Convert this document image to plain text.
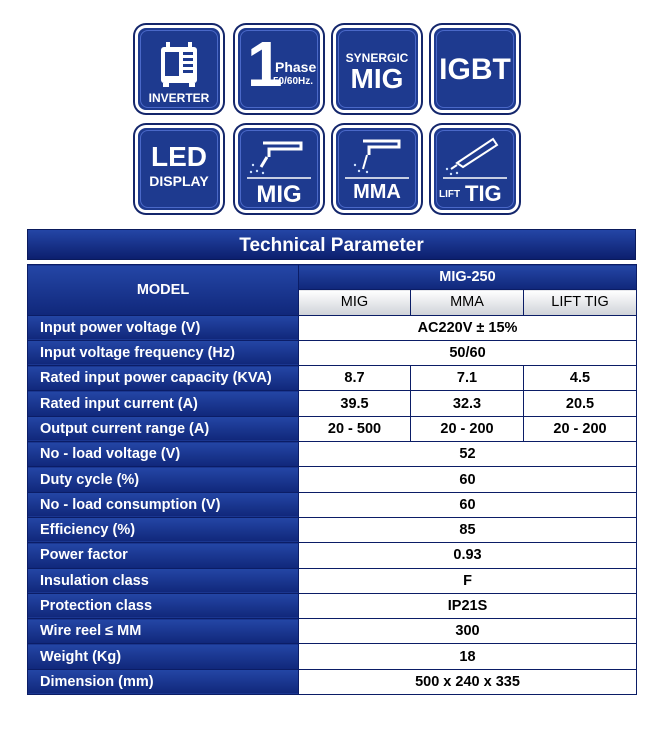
INVERTER 1
Phase
50/60Hz.
SYNERGIC
MIG	IGBT
LED
DISPLAY	MIG	MMA	LIFT TIG
Technical Parameter
MODEL	MIG-250		
	MIG	MMA	LIFT TIG
Input power voltage (V)	AC220V ± 15%		
Input voltage frequency (Hz)	50/60		
Rated input power capacity (KVA)	8.7	7.1	4.5
Rated input current (A)	39.5	32.3	20.5
Output current range (A)	20 - 500	20 - 200	20 - 200
No - load voltage (V)	52		
Duty cycle (%)	60		
No - load consumption (V)	60		
Efficiency (%)	85		
Power factor	0.93		
Insulation class	F		
Protection class	IP21S		
Wire reel ≤ MM	300		
Weight (Kg)	18		
Dimension (mm)	500 x 240 x 335		
